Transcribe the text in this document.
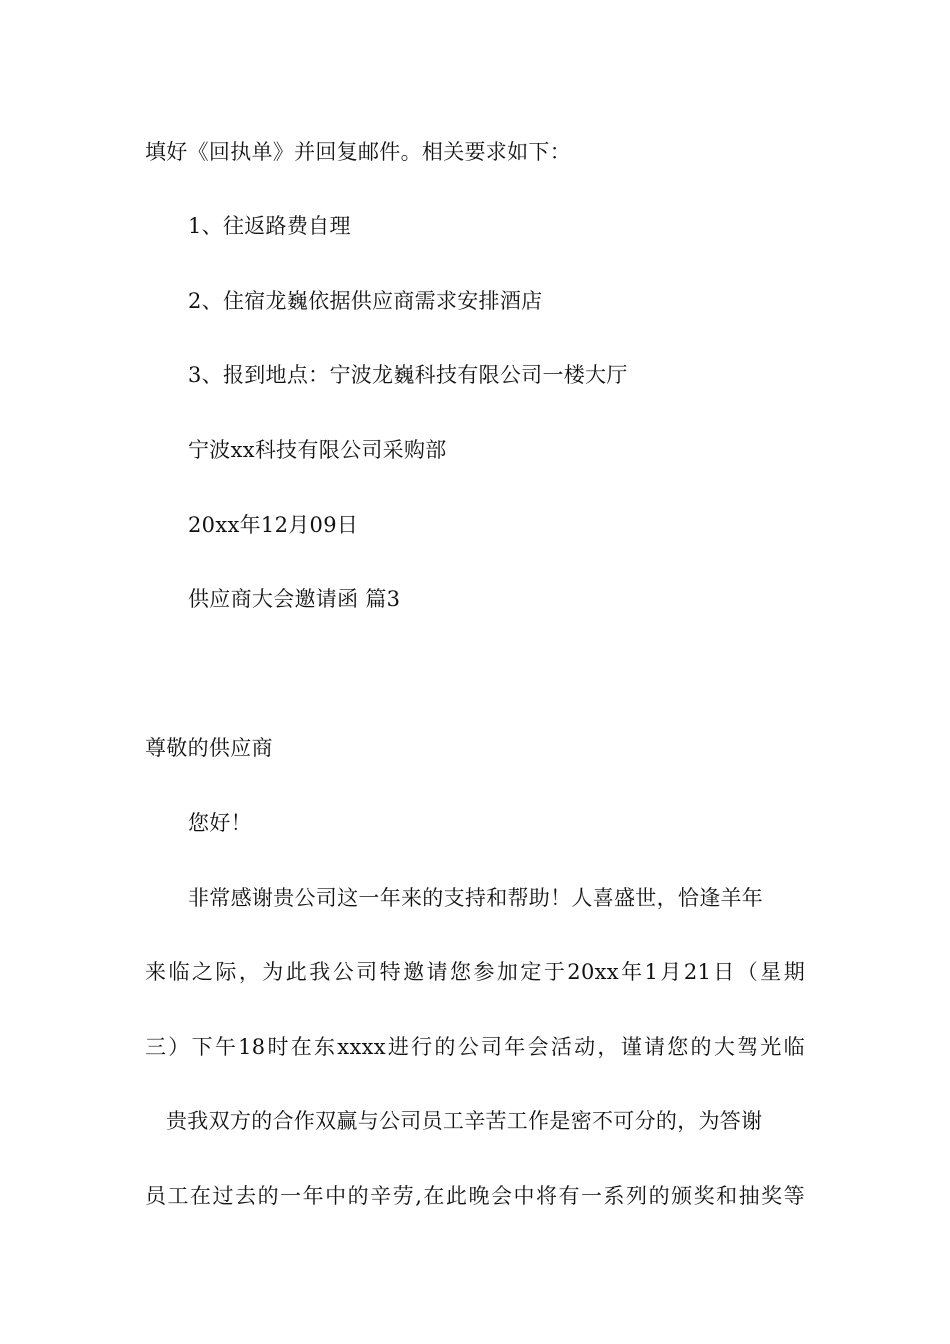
填好《回执单》并回复邮件。相关要求如下：
1、往返路费自理
2、住宿龙巍依据供应商需求安排酒店
3、报到地点：宁波龙巍科技有限公司一楼大厅
宁波xx科技有限公司采购部
20xx年12月09日
供应商大会邀请函 篇3
尊敬的供应商
您好！
非常感谢贵公司这一年来的支持和帮助！人喜盛世，恰逢羊年
来临之际，为此我公司特邀请您参加定于20xx年1月21日（星期
三）下午18时在东xxxx进行的公司年会活动，谨请您的大驾光临
贵我双方的合作双赢与公司员工辛苦工作是密不可分的，为答谢
员工在过去的一年中的辛劳,在此晚会中将有一系列的颁奖和抽奖等
